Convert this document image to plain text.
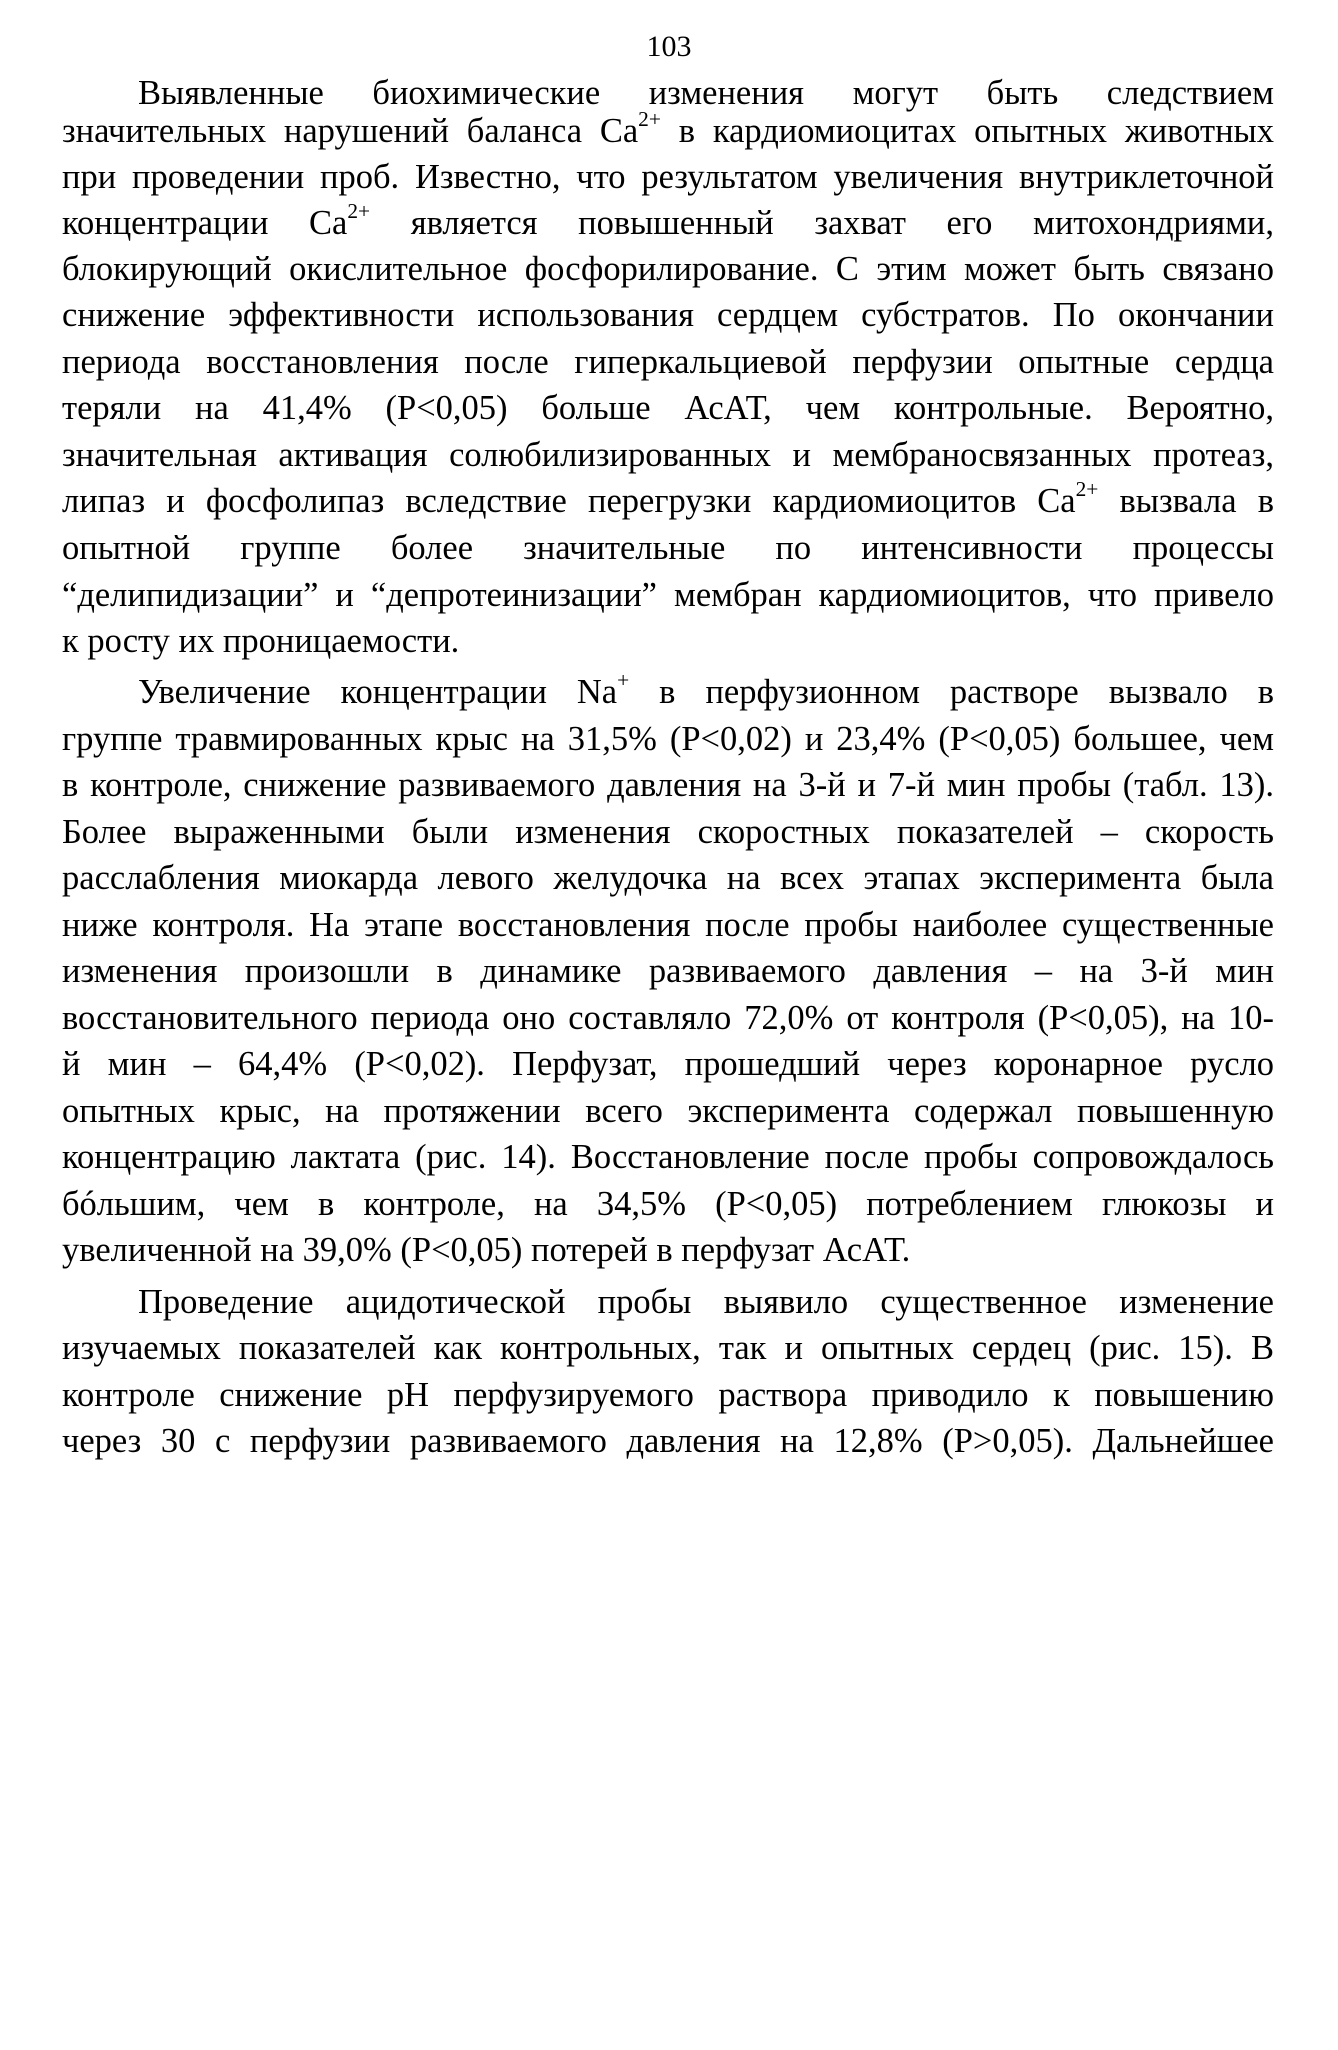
103
Выявленные биохимические изменения могут быть следствием
значительных нарушений баланса $Ca^{2+}$ в кардиомиоцитах опытных животных
при проведении проб. Известно, что результатом увеличения внутриклеточной
концентрации $Ca^{2+}$ является повышенный захват его митохондриями,
блокирующий окислительное фосфорилирование. С этим может быть связано
снижение эффективности использования сердцем субстратов. По окончании
периода восстановления после гиперкальциевой перфузии опытные сердца
теряли на 41,4% (P<0,05) больше АсАТ, чем контрольные. Вероятно,
значительная активация солюбилизированных и мембраносвязанных протеаз,
липаз и фосфолипаз вследствие перегрузки кардиомиоцитов $Ca^{2+}$ вызвала в
опытной группе более значительные по интенсивности процессы
“делипидизации” и “депротеинизации” мембран кардиомиоцитов, что привело
к росту их проницаемости.
Увеличение концентрации Na+ в перфузионном растворе вызвало в
группе травмированных крыс на 31,5% (P<0,02) и 23,4% (P<0,05) большее, чем
в контроле, снижение развиваемого давления на 3-й и 7-й мин пробы (табл. 13).
Более выраженными были изменения скоростных показателей – скорость
расслабления миокарда левого желудочка на всех этапах эксперимента была
ниже контроля. На этапе восстановления после пробы наиболее существенные
изменения произошли в динамике развиваемого давления – на 3-й мин
восстановительного периода оно составляло 72,0% от контроля (P<0,05), на 10-
й мин – 64,4% (P<0,02). Перфузат, прошедший через коронарное русло
опытных крыс, на протяжении всего эксперимента содержал повышенную
концентрацию лактата (рис. 14). Восстановление после пробы сопровождалось
бóльшим, чем в контроле, на 34,5% (P<0,05) потреблением глюкозы и
увеличенной на 39,0% (P<0,05) потерей в перфузат АсАТ.
Проведение ацидотической пробы выявило существенное изменение
изучаемых показателей как контрольных, так и опытных сердец (рис. 15). В
контроле снижение pH перфузируемого раствора приводило к повышению
через 30 с перфузии развиваемого давления на 12,8% (P>0,05). Дальнейшее
